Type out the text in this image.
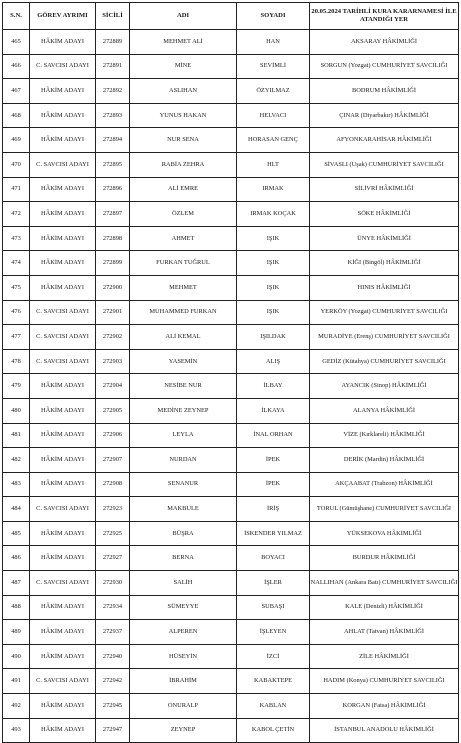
S.N.	GÖREV AYRIMI	SİCİLİ	ADI	SOYADI	20.05.2024 TARİHLİ KURA KARARNAMESİ İLE ATANDIĞI YER
465	HÂKİM ADAYI	272889	MEHMET ALİ	HAN	AKSARAY HÂKİMLİĞİ
466	C. SAVCISI ADAYI	272891	MİNE	SEVİMLİ	SORGUN (Yozgat) CUMHURİYET SAVCILIĞI
467	HÂKİM ADAYI	272892	ASLIHAN	ÖZYILMAZ	BODRUM HÂKİMLİĞİ
468	HÂKİM ADAYI	272893	YUNUS HAKAN	HELVACI	ÇINAR (Diyarbakır) HÂKİMLİĞİ
469	HÂKİM ADAYI	272894	NUR SENA	HORASAN GENÇ	AFYONKARAHİSAR HÂKİMLİĞİ
470	C. SAVCISI ADAYI	272895	RABİA ZEHRA	HLT	SİVASLI (Uşak) CUMHURİYET SAVCILIĞI
471	HÂKİM ADAYI	272896	ALİ EMRE	IRMAK	SİLİVRİ HÂKİMLİĞİ
472	HÂKİM ADAYI	272897	ÖZLEM	IRMAK KOÇAK	SÖKE HÂKİMLİĞİ
473	HÂKİM ADAYI	272898	AHMET	IŞIK	ÜNYE HÂKİMLİĞİ
474	HÂKİM ADAYI	272899	FURKAN TUĞRUL	IŞIK	KİĞI (Bingöl) HÂKİMLİĞİ
475	HÂKİM ADAYI	272900	MEHMET	IŞIK	HINIS HÂKİMLİĞİ
476	C. SAVCISI ADAYI	272901	MUHAMMED FURKAN	IŞIK	YERKÖY (Yozgat) CUMHURİYET SAVCILIĞI
477	C. SAVCISI ADAYI	272902	ALİ KEMAL	IŞILDAK	MURADİYE (Erenş) CUMHURİYET SAVCILIĞI
478	C. SAVCISI ADAYI	272903	YASEMİN	ALIŞ	GEDİZ (Kütahya) CUMHURİYET SAVCILIĞI
479	HÂKİM ADAYI	272904	NESİBE NUR	İLBAY	AYANCIK (Sinop) HÂKİMLİĞİ
480	HÂKİM ADAYI	272905	MEDİNE ZEYNEP	İLKAYA	ALANYA HÂKİMLİĞİ
481	HÂKİM ADAYI	272906	LEYLA	İNAL ORHAN	VİZE (Kırklareli) HÂKİMLİĞİ
482	HÂKİM ADAYI	272907	NURDAN	İPEK	DERİK (Mardin) HÂKİMLİĞİ
483	HÂKİM ADAYI	272908	SENANUR	İPEK	AKÇAABAT (Trabzon) HÂKİMLİĞİ
484	C. SAVCISI ADAYI	272923	MAKBULE	İRİŞ	TORUL (Gümüşhane) CUMHURİYET SAVCILIĞI
485	HÂKİM ADAYI	272925	BÜŞRA	İSKENDER YILMAZ	YÜKSEKOVA HÂKİMLİĞİ
486	HÂKİM ADAYI	272927	BERNA	BOYACI	BURDUR HÂKİMLİĞİ
487	C. SAVCISI ADAYI	272930	SALİH	İŞLER	NALLIHAN (Ankara Batı) CUMHURİYET SAVCILIĞI
488	HÂKİM ADAYI	272934	SÜMEYYE	SUBAŞI	KALE (Denizli) HÂKİMLİĞİ
489	HÂKİM ADAYI	272937	ALPEREN	İŞLEYEN	AHLAT (Tatvan) HÂKİMLİĞİ
490	HÂKİM ADAYI	272940	HÜSEYİN	İZCİ	ZİLE HÂKİMLİĞİ
491	C. SAVCISI ADAYI	272942	İBRAHİM	KABAKTEPE	HADIM (Konya) CUMHURİYET SAVCILIĞI
492	HÂKİM ADAYI	272945	ONURALP	KABLAN	KORGAN (Fatsa) HÂKİMLİĞİ
493	HÂKİM ADAYI	272947	ZEYNEP	KABOL ÇETİN	İSTANBUL ANADOLU HÂKİMLİĞİ
